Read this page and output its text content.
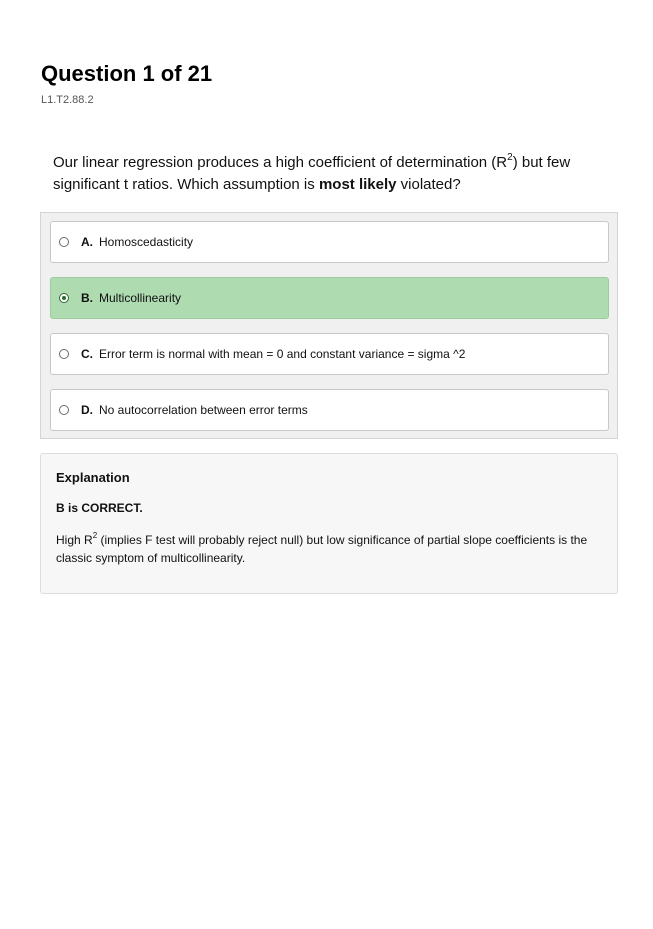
Question 1 of 21
L1.T2.88.2
Our linear regression produces a high coefficient of determination $(R^2)$ but few significant t ratios. Which assumption is most likely violated?
A. Homoscedasticity
B. Multicollinearity
C. Error term is normal with mean = 0 and constant variance = sigma ^2
D. No autocorrelation between error terms
Explanation
B is CORRECT.
High $R^2$ (implies F test will probably reject null) but low significance of partial slope coefficients is the classic symptom of multicollinearity.
